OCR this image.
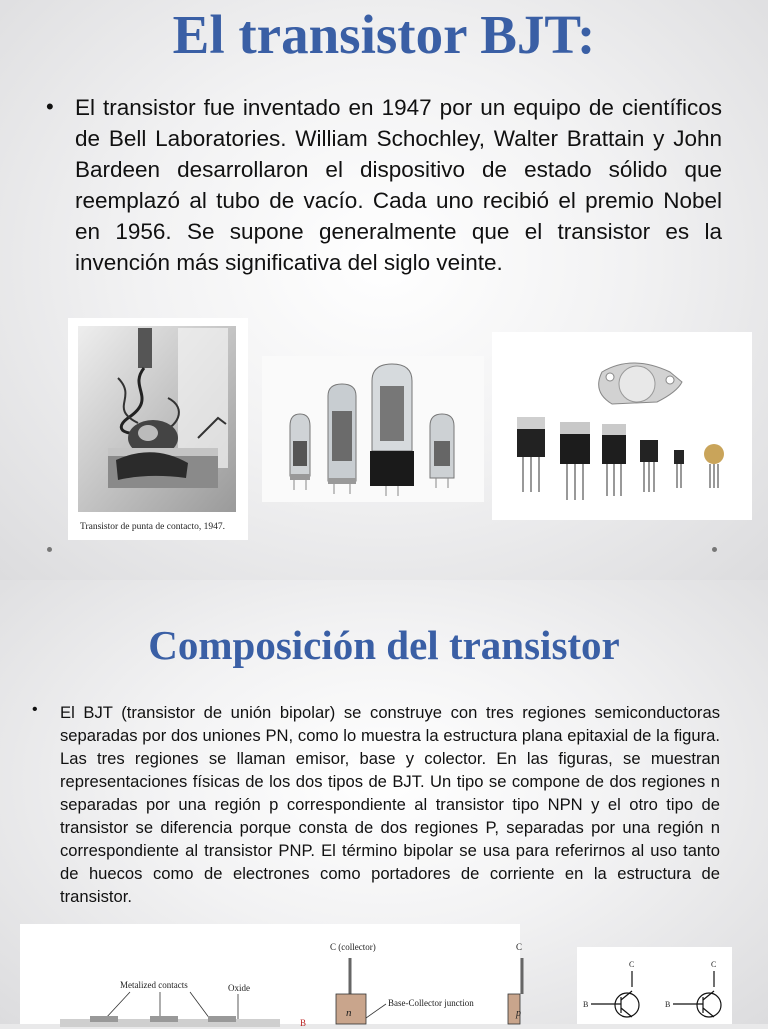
El transistor BJT:
• El transistor fue inventado en 1947 por un equipo de científicos de Bell Laboratories. William Schochley, Walter Brattain y John Bardeen desarrollaron el dispositivo de estado sólido que reemplazó al tubo de vacío. Cada uno recibió el premio Nobel en 1956. Se supone generalmente que el transistor es la invención más significativa del siglo veinte.

Transistor de punta de contacto, 1947.
Composición del transistor
• El BJT (transistor de unión bipolar) se construye con tres regiones semiconductoras separadas por dos uniones PN, como lo muestra la estructura plana epitaxial de la figura. Las tres regiones se llaman emisor, base y colector. En las figuras, se muestran representaciones físicas de los dos tipos de BJT. Un tipo se compone de dos regiones n separadas por una región p correspondiente al transistor tipo NPN y el otro tipo de transistor se diferencia porque consta de dos regiones P, separadas por una región n correspondiente al transistor PNP. El término bipolar se usa para referirnos al uso tanto de huecos como de electrones como portadores de corriente en la estructura de transistor.

Metalized contacts	Oxide
C (collector)
n
Base-Collector junction
B
C
p
C	C
B	B
